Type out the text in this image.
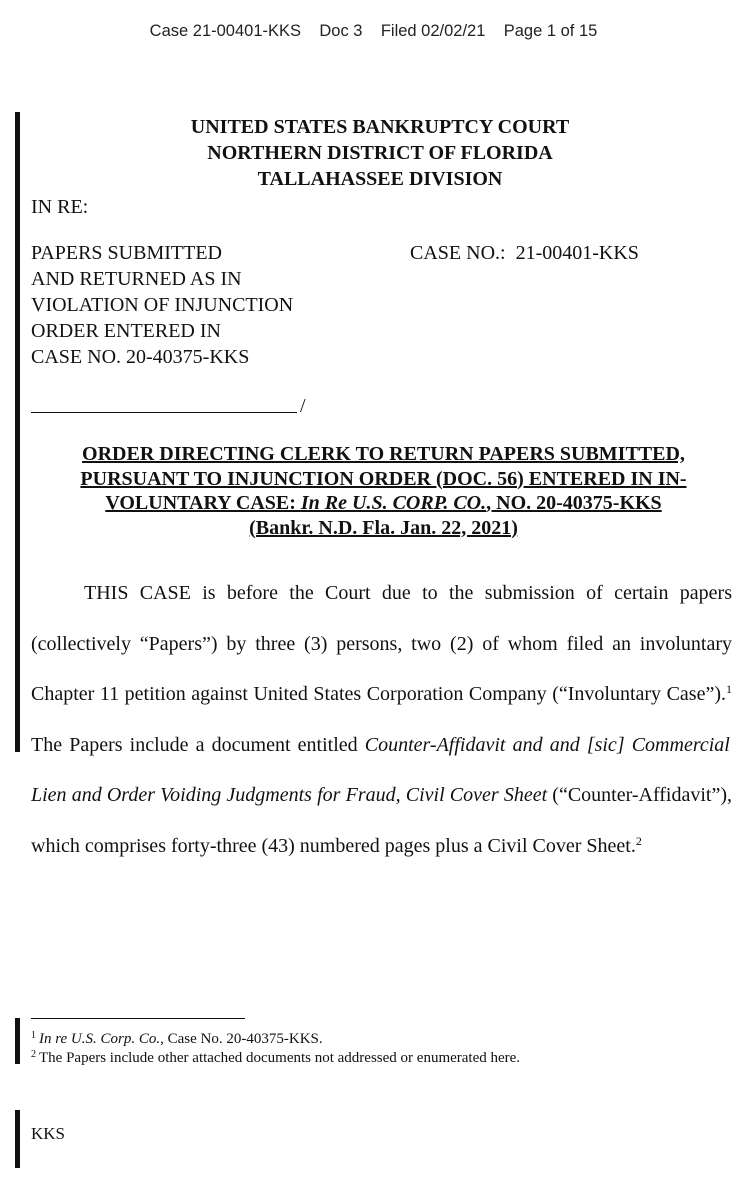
Case 21-00401-KKS Doc 3 Filed 02/02/21 Page 1 of 15
UNITED STATES BANKRUPTCY COURT
NORTHERN DISTRICT OF FLORIDA
TALLAHASSEE DIVISION
IN RE:
PAPERS SUBMITTED
AND RETURNED AS IN
VIOLATION OF INJUNCTION
ORDER ENTERED IN
CASE NO. 20-40375-KKS
CASE NO.: 21-00401-KKS
/
ORDER DIRECTING CLERK TO RETURN PAPERS SUBMITTED,
PURSUANT TO INJUNCTION ORDER (DOC. 56) ENTERED IN IN-
VOLUNTARY CASE: In Re U.S. CORP. CO., NO. 20-40375-KKS
(Bankr. N.D. Fla. Jan. 22, 2021)

THIS CASE is before the Court due to the submission of certain papers (collectively “Papers”) by three (3) persons, two (2) of whom filed an involuntary Chapter 11 petition against United States Corporation Company (“Involuntary Case”).$^1$ The Papers include a document entitled Counter-Affidavit and and [sic] Commercial Lien and Order Voiding Judgments for Fraud, Civil Cover Sheet (“Counter-Affidavit”), which comprises forty-three (43) numbered pages plus a Civil Cover Sheet.$^2$

$^1$ In re U.S. Corp. Co., Case No. 20-40375-KKS.
$^2$ The Papers include other attached documents not addressed or enumerated here.
KKS
